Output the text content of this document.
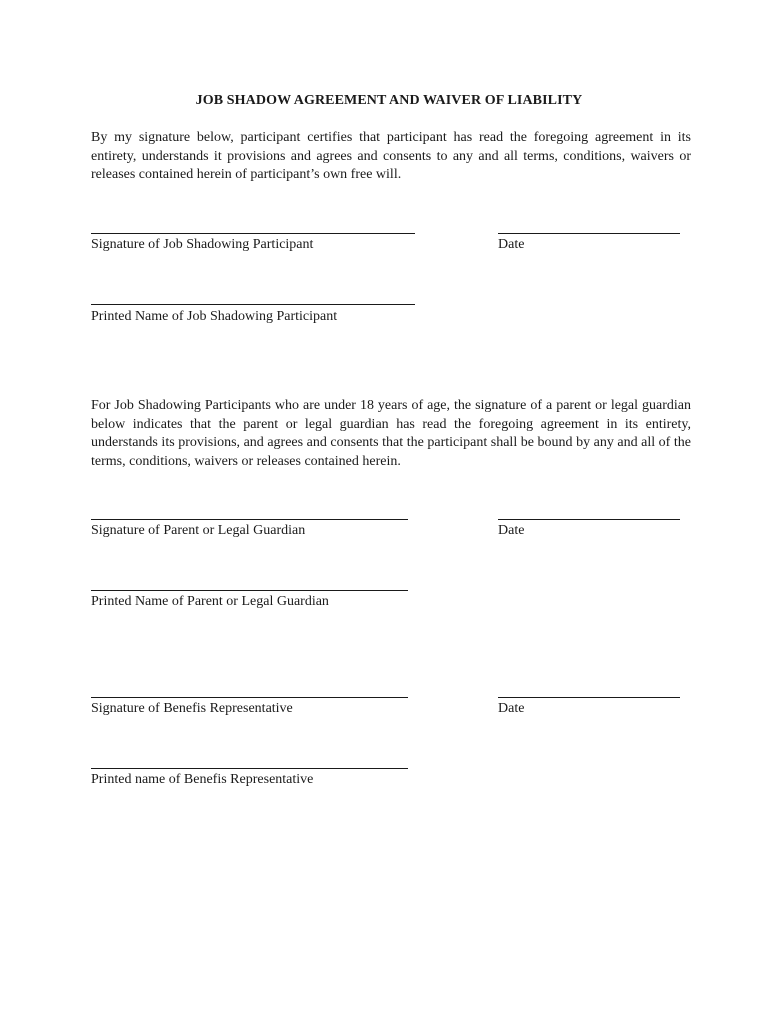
JOB SHADOW AGREEMENT AND WAIVER OF LIABILITY
By my signature below, participant certifies that participant has read the foregoing agreement in its entirety, understands it provisions and agrees and consents to any and all terms, conditions, waivers or releases contained herein of participant’s own free will.
Signature of Job Shadowing Participant	Date
Printed Name of Job Shadowing Participant
For Job Shadowing Participants who are under 18 years of age, the signature of a parent or legal guardian below indicates that the parent or legal guardian has read the foregoing agreement in its entirety, understands its provisions, and agrees and consents that the participant shall be bound by any and all of the terms, conditions, waivers or releases contained herein.
Signature of Parent or Legal Guardian	Date
Printed Name of Parent or Legal Guardian
Signature of Benefis Representative	Date
Printed name of Benefis Representative
